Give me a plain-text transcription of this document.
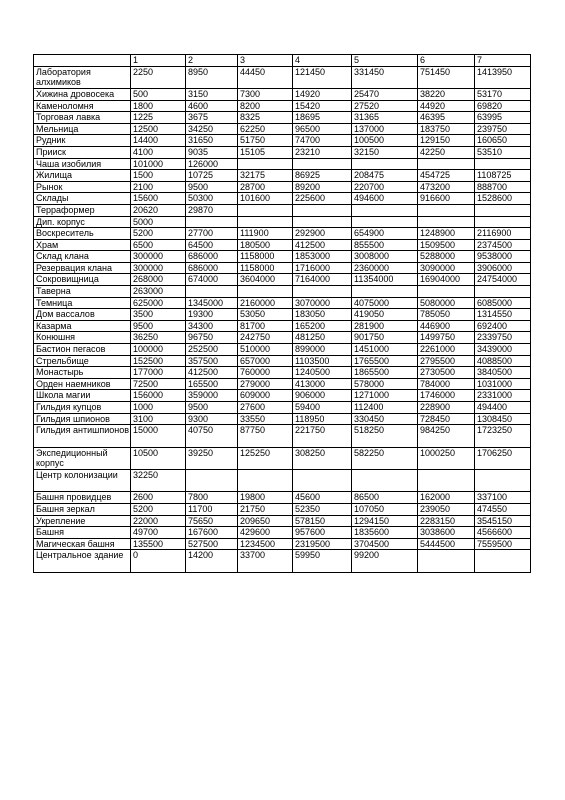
	1	2	3	4	5	6	7
Лаборатория алхимиков	2250	8950	44450	121450	331450	751450	1413950
Хижина дровосека	500	3150	7300	14920	25470	38220	53170
Каменоломня	1800	4600	8200	15420	27520	44920	69820
Торговая лавка	1225	3675	8325	18695	31365	46395	63995
Мельница	12500	34250	62250	96500	137000	183750	239750
Рудник	14400	31650	51750	74700	100500	129150	160650
Прииск	4100	9035	15105	23210	32150	42250	53510
Чаша изобилия	101000	126000					
Жилища	1500	10725	32175	86925	208475	454725	1108725
Рынок	2100	9500	28700	89200	220700	473200	888700
Склады	15600	50300	101600	225600	494600	916600	1528600
Терраформер	20620	29870					
Дип. корпус	5000						
Воскреситель	5200	27700	111900	292900	654900	1248900	2116900
Храм	6500	64500	180500	412500	855500	1509500	2374500
Склад клана	300000	686000	1158000	1853000	3008000	5288000	9538000
Резервация клана	300000	686000	1158000	1716000	2360000	3090000	3906000
Сокровищница	268000	674000	3604000	7164000	11354000	16904000	24754000
Таверна	263000						
Темница	625000	1345000	2160000	3070000	4075000	5080000	6085000
Дом вассалов	3500	19300	53050	183050	419050	785050	1314550
Казарма	9500	34300	81700	165200	281900	446900	692400
Конюшня	36250	96750	242750	481250	901750	1499750	2339750
Бастион пегасов	100000	252500	510000	899000	1451000	2261000	3439000
Стрельбище	152500	357500	657000	1103500	1765500	2795500	4088500
Монастырь	177000	412500	760000	1240500	1865500	2730500	3840500
Орден наемников	72500	165500	279000	413000	578000	784000	1031000
Школа магии	156000	359000	609000	906000	1271000	1746000	2331000
Гильдия купцов	1000	9500	27600	59400	112400	228900	494400
Гильдия шпионов	3100	9300	33550	118950	330450	728450	1308450
Гильдия антишпионов	15000	40750	87750	221750	518250	984250	1723250
Экспедиционный корпус	10500	39250	125250	308250	582250	1000250	1706250
Центр колонизации	32250						
Башня провидцев	2600	7800	19800	45600	86500	162000	337100
Башня зеркал	5200	11700	21750	52350	107050	239050	474550
Укрепление	22000	75650	209650	578150	1294150	2283150	3545150
Башня	49700	167600	429600	957600	1835600	3038600	4566600
Магическая башня	135500	527500	1234500	2319500	3704500	5444500	7559500
Центральное здание	0	14200	33700	59950	99200		
